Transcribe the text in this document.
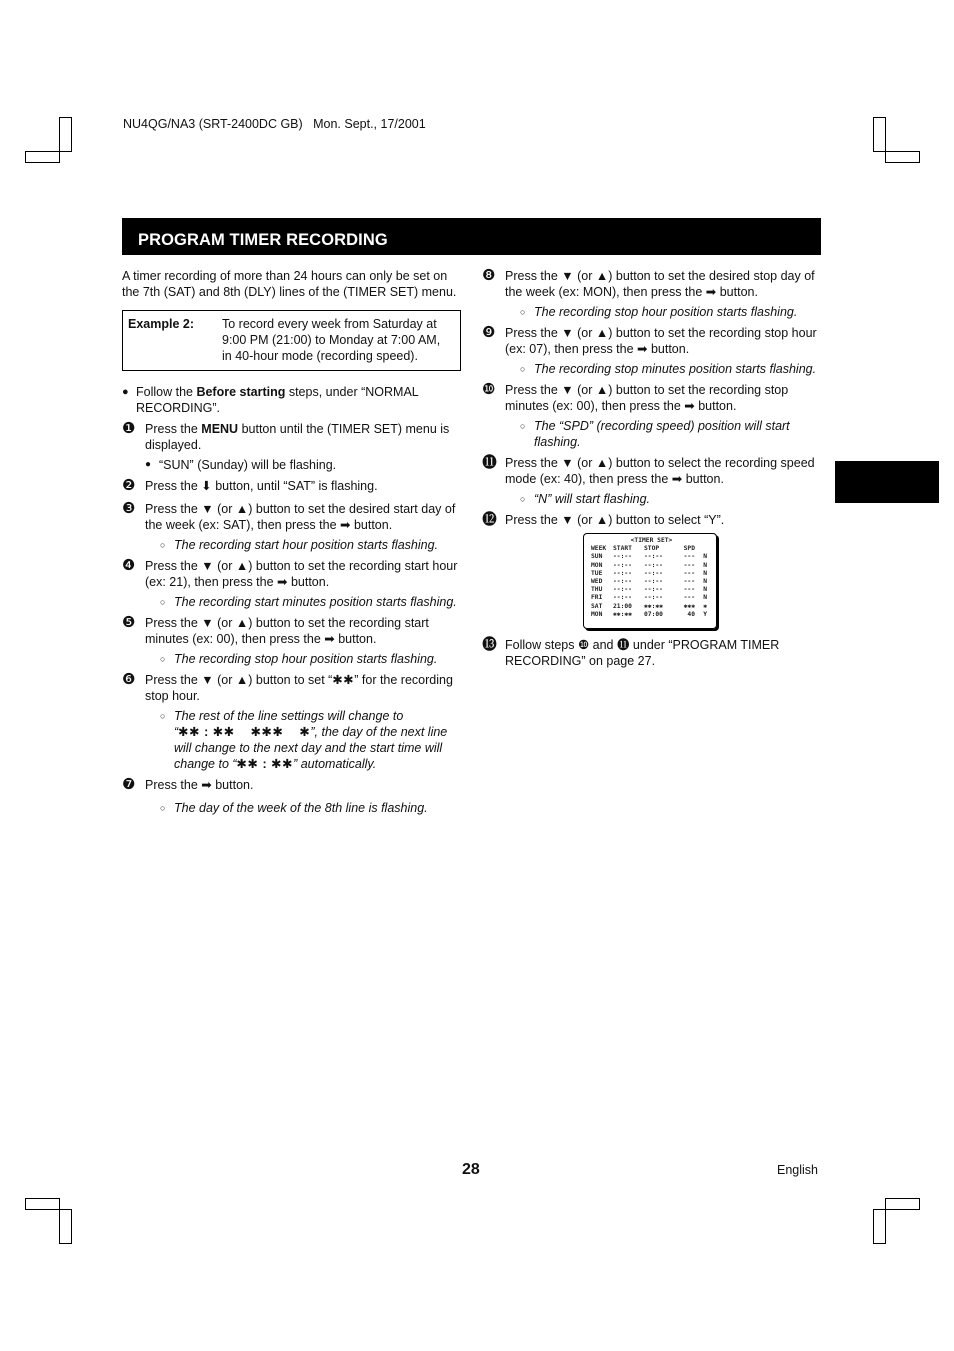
NU4QG/NA3 (SRT-2400DC GB)   Mon. Sept., 17/2001
PROGRAM TIMER RECORDING

A timer recording of more than 24 hours can only be set on the 7th (SAT) and 8th (DLY) lines of the (TIMER SET) menu.

Example 2:	To record every week from Saturday at 9:00 PM (21:00) to Monday at 7:00 AM, in 40-hour mode (recording speed).
● Follow the Before starting steps, under “NORMAL RECORDING”.
❶ Press the MENU button until the (TIMER SET) menu is displayed.
● “SUN” (Sunday) will be flashing.
❷ Press the ⬇ button, until “SAT” is flashing.
❸ Press the ▼ (or ▲) button to set the desired start day of the week (ex: SAT), then press the ➡ button.
○ The recording start hour position starts flashing.
❹ Press the ▼ (or ▲) button to set the recording start hour (ex: 21), then press the ➡ button.
○ The recording start minutes position starts flashing.
❺ Press the ▼ (or ▲) button to set the recording start minutes (ex: 00), then press the ➡ button.
○ The recording stop hour position starts flashing.
❻ Press the ▼ (or ▲) button to set “✱✱” for the recording stop hour.
○ The rest of the line settings will change to “✱✱ : ✱✱    ✱✱✱    ✱”, the day of the next line will change to the next day and the start time will change to “✱✱ : ✱✱” automatically.
❼ Press the ➡ button.
○ The day of the week of the 8th line is flashing.
❽ Press the ▼ (or ▲) button to set the desired stop day of the week (ex: MON), then press the ➡ button.
○ The recording stop hour position starts flashing.
❾ Press the ▼ (or ▲) button to set the recording stop hour (ex: 07), then press the ➡ button.
○ The recording stop minutes position starts flashing.
❿ Press the ▼ (or ▲) button to set the recording stop minutes (ex: 00), then press the ➡ button.
○ The “SPD” (recording speed) position will start flashing.
⓫ Press the ▼ (or ▲) button to select the recording speed mode (ex: 40), then press the ➡ button.
○ “N” will start flashing.
⓬ Press the ▼ (or ▲) button to select “Y”.
<TIMER SET>
WEEK	START	STOP	SPD
SUN	--:--	--:--	---	N
MON	--:--	--:--	---	N
TUE	--:--	--:--	---	N
WED	--:--	--:--	---	N
THU	--:--	--:--	---	N
FRI	--:--	--:--	---	N
SAT	21:00	✱✱:✱✱	✱✱✱	✱
MON	✱✱:✱✱	07:00	40	Y
⓭ Follow steps ❿ and ⓫ under “PROGRAM TIMER RECORDING” on page 27.
28	English
